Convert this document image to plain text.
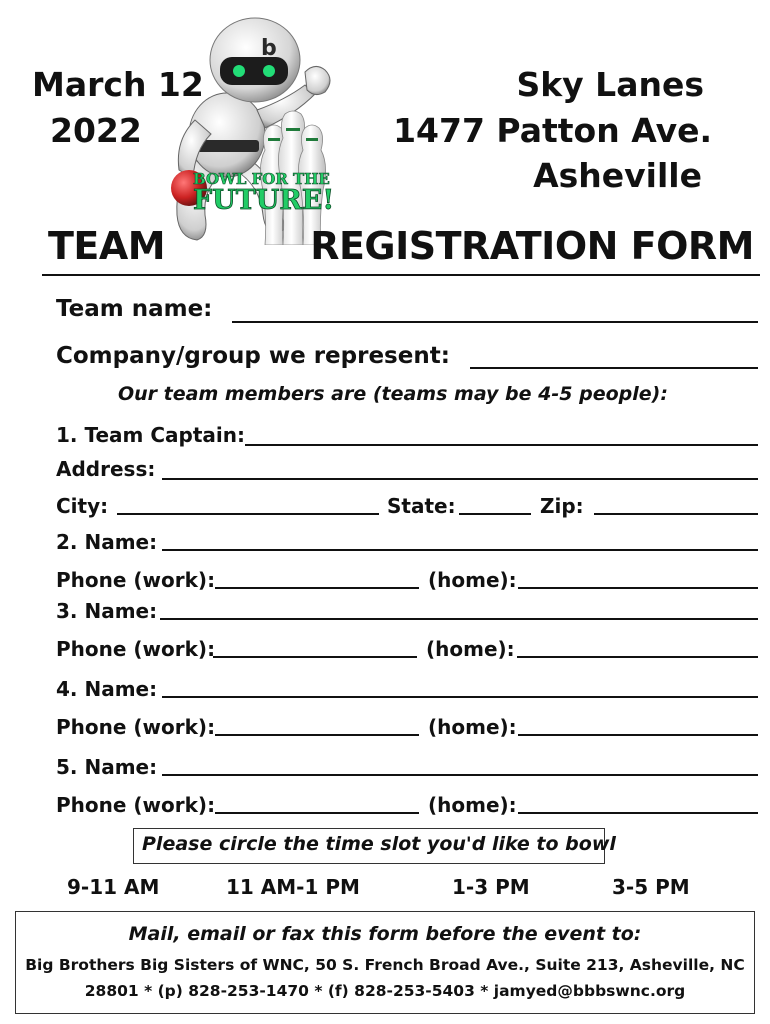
March 12
2022
Sky Lanes
1477 Patton Ave.
Asheville
b
BOWL FOR THE
FUTURE!
TEAM	REGISTRATION FORM
Team name:
Company/group we represent:
Our team members are (teams may be 4-5 people):
1. Team Captain:
Address:
City:	State:	Zip:
2. Name:
Phone (work):	(home):
3. Name:
Phone (work):	(home):
4. Name:
Phone (work):	(home):
5. Name:
Phone (work):	(home):
Please circle the time slot you'd like to bowl
9-11 AM	11 AM-1 PM	1-3 PM	3-5 PM
Mail, email or fax this form before the event to:
Big Brothers Big Sisters of WNC, 50 S. French Broad Ave., Suite 213, Asheville, NC
28801 * (p) 828-253-1470 * (f) 828-253-5403 * jamyed@bbbswnc.org
